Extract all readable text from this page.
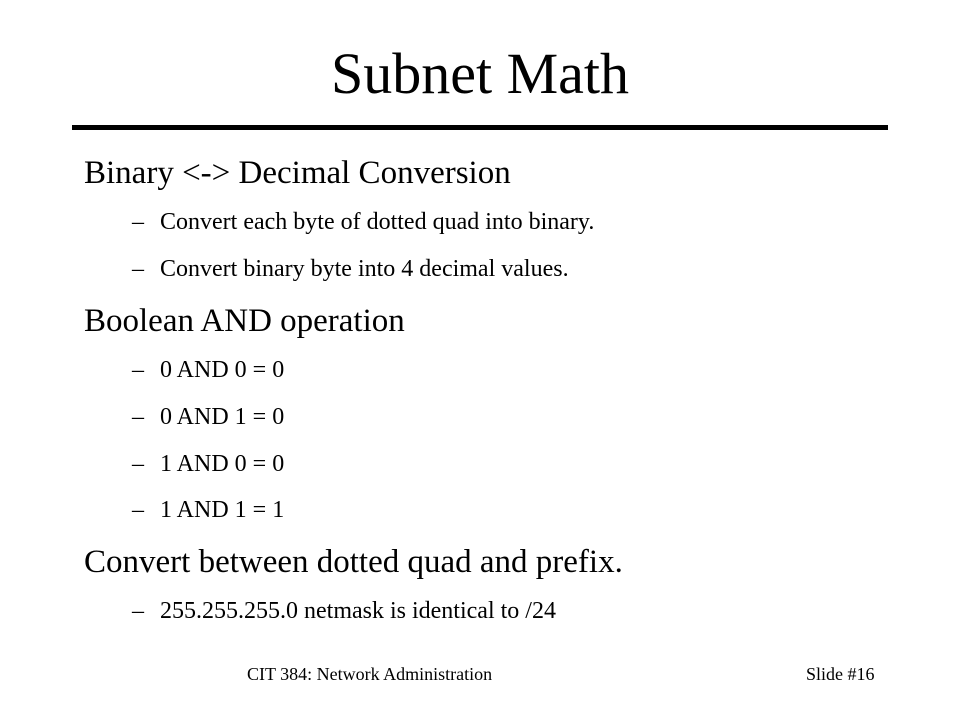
Subnet Math
Binary <-> Decimal Conversion
– Convert each byte of dotted quad into binary.
– Convert binary byte into 4 decimal values.
Boolean AND operation
– 0 AND 0 = 0
– 0 AND 1 = 0
– 1 AND 0 = 0
– 1 AND 1 = 1
Convert between dotted quad and prefix.
– 255.255.255.0 netmask is identical to /24
CIT 384: Network Administration	Slide #16
